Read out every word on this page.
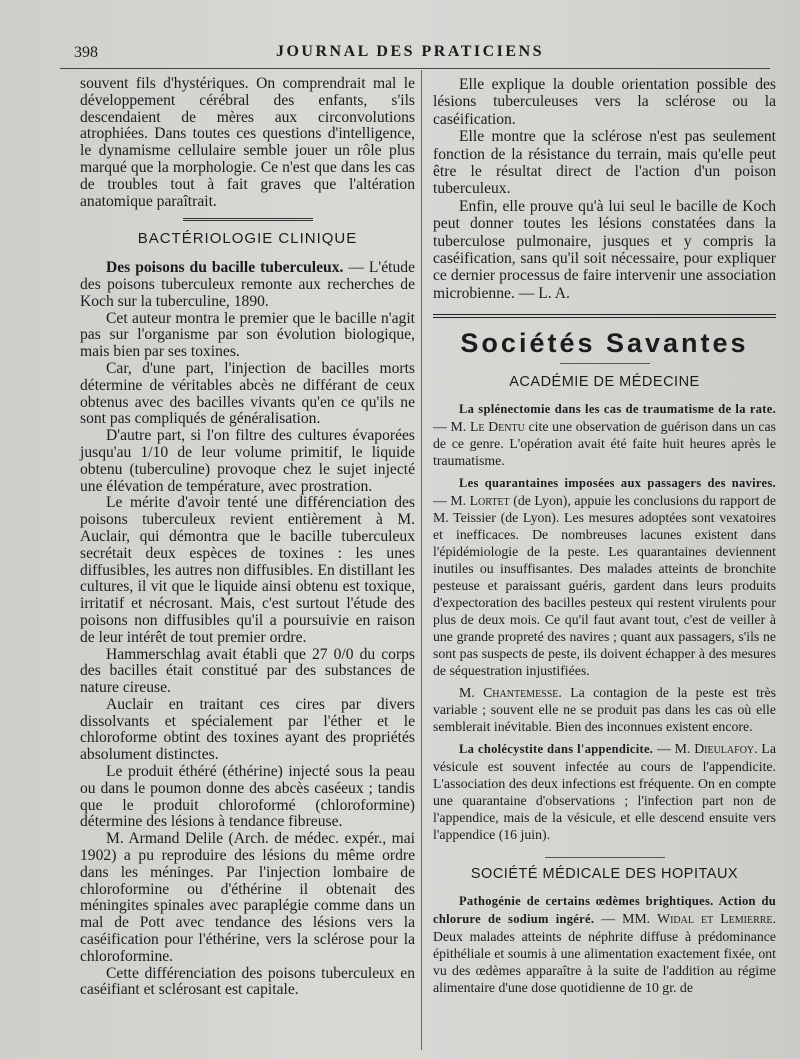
398	JOURNAL DES PRATICIENS

souvent fils d'hystériques. On comprendrait mal le développement cérébral des enfants, s'ils descendaient de mères aux circonvolutions atrophiées. Dans toutes ces questions d'intelligence, le dynamisme cellulaire semble jouer un rôle plus marqué que la morphologie. Ce n'est que dans les cas de troubles tout à fait graves que l'altération anatomique paraîtrait.

BACTÉRIOLOGIE CLINIQUE

Des poisons du bacille tuberculeux. — L'étude des poisons tuberculeux remonte aux recherches de Koch sur la tuberculine, 1890.

Cet auteur montra le premier que le bacille n'agit pas sur l'organisme par son évolution biologique, mais bien par ses toxines.

Car, d'une part, l'injection de bacilles morts détermine de véritables abcès ne différant de ceux obtenus avec des bacilles vivants qu'en ce qu'ils ne sont pas compliqués de généralisation.

D'autre part, si l'on filtre des cultures évaporées jusqu'au 1/10 de leur volume primitif, le liquide obtenu (tuberculine) provoque chez le sujet injecté une élévation de température, avec prostration.

Le mérite d'avoir tenté une différenciation des poisons tuberculeux revient entièrement à M. Auclair, qui démontra que le bacille tuberculeux secrétait deux espèces de toxines : les unes diffusibles, les autres non diffusibles. En distillant les cultures, il vit que le liquide ainsi obtenu est toxique, irritatif et nécrosant. Mais, c'est surtout l'étude des poisons non diffusibles qu'il a poursuivie en raison de leur intérêt de tout premier ordre.

Hammerschlag avait établi que 27 0/0 du corps des bacilles était constitué par des substances de nature cireuse.

Auclair en traitant ces cires par divers dissolvants et spécialement par l'éther et le chloroforme obtint des toxines ayant des propriétés absolument distinctes.

Le produit éthéré (éthérine) injecté sous la peau ou dans le poumon donne des abcès caséeux ; tandis que le produit chloroformé (chloroformine) détermine des lésions à tendance fibreuse.

M. Armand Delile (Arch. de médec. expér., mai 1902) a pu reproduire des lésions du même ordre dans les méninges. Par l'injection lombaire de chloroformine ou d'éthérine il obtenait des méningites spinales avec paraplégie comme dans un mal de Pott avec tendance des lésions vers la caséification pour l'éthérine, vers la sclérose pour la chloroformine.

Cette différenciation des poisons tuberculeux en caséifiant et sclérosant est capitale.

Elle explique la double orientation possible des lésions tuberculeuses vers la sclérose ou la caséification.

Elle montre que la sclérose n'est pas seulement fonction de la résistance du terrain, mais qu'elle peut être le résultat direct de l'action d'un poison tuberculeux.

Enfin, elle prouve qu'à lui seul le bacille de Koch peut donner toutes les lésions constatées dans la tuberculose pulmonaire, jusques et y compris la caséification, sans qu'il soit nécessaire, pour expliquer ce dernier processus de faire intervenir une association microbienne. — L. A.

Sociétés Savantes
ACADÉMIE DE MÉDECINE

La splénectomie dans les cas de traumatisme de la rate. — M. Le Dentu cite une observation de guérison dans un cas de ce genre. L'opération avait été faite huit heures après le traumatisme.

Les quarantaines imposées aux passagers des navires. — M. Lortet (de Lyon), appuie les conclusions du rapport de M. Teissier (de Lyon). Les mesures adoptées sont vexatoires et inefficaces. De nombreuses lacunes existent dans l'épidémiologie de la peste. Les quarantaines deviennent inutiles ou insuffisantes. Des malades atteints de bronchite pesteuse et paraissant guéris, gardent dans leurs produits d'expectoration des bacilles pesteux qui restent virulents pour plus de deux mois. Ce qu'il faut avant tout, c'est de veiller à une grande propreté des navires ; quant aux passagers, s'ils ne sont pas suspects de peste, ils doivent échapper à des mesures de séquestration injustifiées.

M. Chantemesse. La contagion de la peste est très variable ; souvent elle ne se produit pas dans les cas où elle semblerait inévitable. Bien des inconnues existent encore.

La cholécystite dans l'appendicite. — M. Dieulafoy. La vésicule est souvent infectée au cours de l'appendicite. L'association des deux infections est fréquente. On en compte une quarantaine d'observations ; l'infection part non de l'appendice, mais de la vésicule, et elle descend ensuite vers l'appendice (16 juin).

SOCIÉTÉ MÉDICALE DES HOPITAUX

Pathogénie de certains œdèmes brightiques. Action du chlorure de sodium ingéré. — MM. Widal et Lemierre. Deux malades atteints de néphrite diffuse à prédominance épithéliale et soumis à une alimentation exactement fixée, ont vu des œdèmes apparaître à la suite de l'addition au régime alimentaire d'une dose quotidienne de 10 gr. de
